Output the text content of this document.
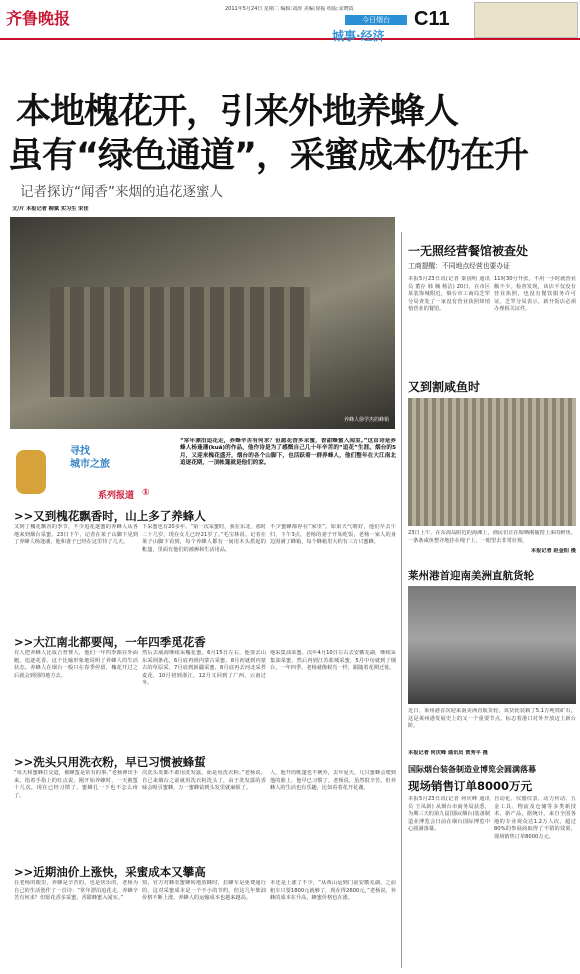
齐鲁晚报	2011年5月24日 星期二 编辑:刘涛 美编:徐振 组版:宋晓霞
今日烟台
城事·经济
C11
本地槐花开，引来外地养蜂人
虽有“绿色通道”，采蜜成本仍在升
记者探访“闻香”来烟的追花逐蜜人
文/片 本报记者 柳斌 实习生 宋佳
养蜂人徐学杰的蜂箱
寻找
城市之旅
系列报道 ①
“常年漂泊追花走，养蜂辛苦有何求？但愿花香多采蜜，香甜蜂蜜入闻室。”这首诗是养蜂人杨逢潘(kuā)的作品，他作诗是为了感慨自己几十年辛苦的“追花”生涯。烟台的5月，又迎来槐花盛开，烟台的各个山脚下，也活跃着一群养蜂人，他们整年在大江南北追逐花期，一顶帐篷就是他们的家。
>>又到槐花飘香时，山上多了养蜂人
又到了槐花飘香的季节，不少追花逐蜜的养蜂人从各地来到烟台采蜜。23日下午，记者在莱子山脚下见到了养蜂人杨逢潘，他和妻子已经在这里待了几天。
下采蜜也有20多年。“第一次采蜜时，我在东北，那时二十几岁，现在女儿已经21岁了。”毛宝林说。记者在莱子山脚下看到，每个养蜂人都有一间用木头搭起的帐篷，里面有他们的被褥和生活用品。
不少蜜蜂都停在“家里”。如果天气晴好，他们早去午归，下午3点，老杨的妻子开始吃饭，老杨一家人的身边围满了蜂箱，每个蜂箱里大约有三万只蜜蜂。
>>大江南北都要闯，一年四季觅花香
有人把养蜂人比成吉普赛人，他们一年四季都在外面跑，追逐花香。这个比喻形象地说明了养蜂人的生活状态。养蜂人在烟台一般只在春季停留，槐花开过之后就会到别的地方去。
然后去威海继续采槐花蜜，6月15日左右，他要去山东采荆条花，6月底再到内蒙古采蜜，8月初就到内蒙古的草原采，7月底到新疆采蜜，8月底再去河北采荞麦花，10月初到浙江，12月又回到了广西、云南过冬。
地采集油菜蜜。次年4月10日左右去安徽芜湖，继续采集油菜蜜，然后再到江苏盐城采蜜，5月中旬就到了烟台，一年四季，老杨就像候鸟一样，跟随着花期迁徙。
>>洗头只用洗衣粉，早已习惯被蜂蜇
“每天和蜜蜂打交道，被蜂蜇是常有的事。”老杨伸出手来，指着手指上的红点说，刚开始养蜂时，一天被蜇十几次，现在已经习惯了，蜜蜂扎一下也不怎么疼了。
次洗头发都不敢用洗发露，而是用洗衣粉。”老杨说，自己来烟台之前就用洗衣粉洗头了，由于洗发露的香味会吸引蜜蜂，万一蜜蜂钻到头发里就麻烦了。
人，他开的帐篷也不例外，去年夏天，几只蜜蜂会爬到他的脸上，他早已习惯了。老杨说，虽然很辛苦，但养蜂人的生活也有乐趣，比如看着花开花谢。
>>近期油价上涨快，采蜜成本又攀高
在老杨的眼里，养蜂是辛苦的，也是快乐的，老杨为自己的生活创作了一首诗：“常年漂泊追花走，养蜂辛苦有何求？但愿花香多采蜜，香甜蜂蜜入闻室。”
知，官方对蜂农蜜蜂转地放蜂时，拉蜂车是免费通行的，这对采蜜成本是一个不小的节约，但这几年柴油价格不断上涨，养蜂人的运输成本也越来越高。
本还是上涨了不少，“从黄山运到门前安徽芜湖，之前租车只要1800元就够了，现在得2600元。”老杨说，养蜂的成本在升高，蜂蜜价格也在涨。
一无照经营餐馆被查处
工商提醒：不同地点经营也要办证
本报5月23日讯(记者 秦国明 通讯员 董存 韩 楠 杨洁) 20日，在市区某装饰城附近，烟台市工商局芝罘分局查处了一家没有营业执照却悄悄营业的餐馆。
11时30分开张，不用一小时就营业额不少。检查发现，该店不仅没有营业执照，也没有餐饮服务许可证。芝罘分局表示，新开饭店必须办理相关证件。
又到割咸鱼时
23日上午，在东海岛附近的海滩上，渔民们正在晾晒刚捕捞上来的鲜鱼。一条条咸鱼整齐地挂在绳子上，一眼望去非常壮观。
本报记者 赵金阳 摄
莱州港首迎南美洲直航货轮
近日，莱州港首次迎来南美洲直航货轮，该货轮装载了5.1万吨铁矿石，这是莱州港发展史上的又一个重要节点，标志着港口对外开放迈上新台阶。
本报记者 何庆峰 通讯员 贾秀平 摄
国际烟台装备制造业博览会圆满落幕
现场销售订单8000万元
本报5月23日讯(记者 何庆峰 通讯员 王凤新) 从烟台市商务局获悉，为期三天的第九届国际(烟台)装备制造业博览会日前在烟台国际博览中心圆满落幕。
自动化、仪器仪表、动力传动、五金工具、物流及仓储等多类新技术、新产品，据统计，来自全国各地的专业观众达1.2万人次，超过80%的参展商取得了不错的效果，现场销售订单8000万元。
